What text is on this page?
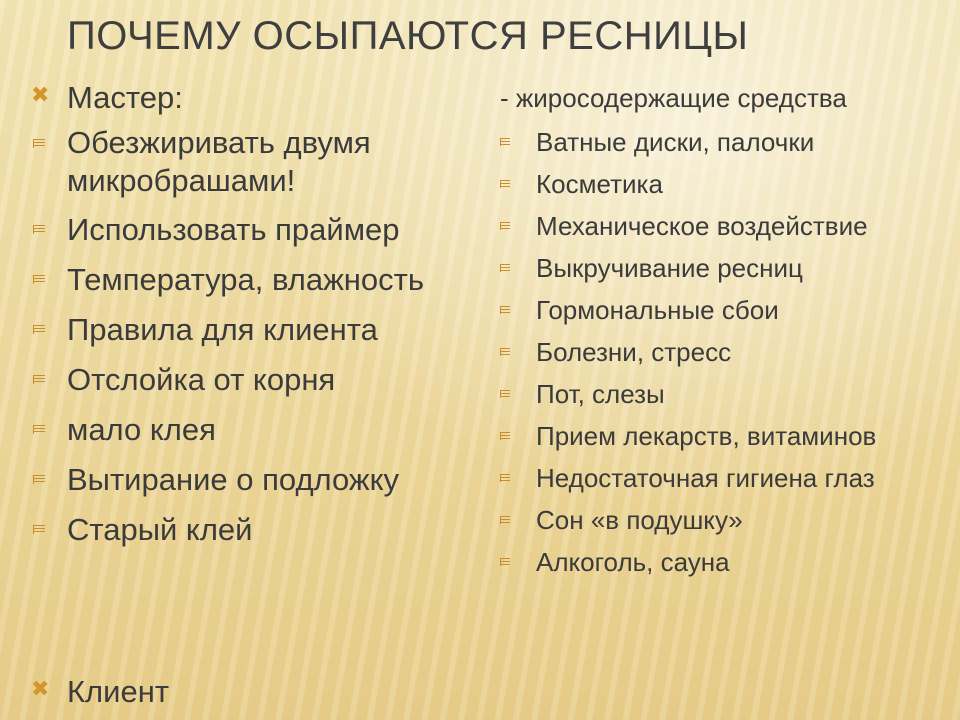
ПОЧЕМУ ОСЫПАЮТСЯ РЕСНИЦЫ
✖ Мастер:
Обезжиривать двумя микробрашами!
Использовать праймер
Температура, влажность
Правила для клиента
Отслойка от корня
мало клея
Вытирание о подложку
Старый клей
✖ Клиент
- жиросодержащие средства
Ватные диски, палочки
Косметика
Механическое воздействие
Выкручивание ресниц
Гормональные сбои
Болезни, стресс
Пот, слезы
Прием лекарств, витаминов
Недостаточная гигиена глаз
Сон «в подушку»
Алкоголь, сауна
